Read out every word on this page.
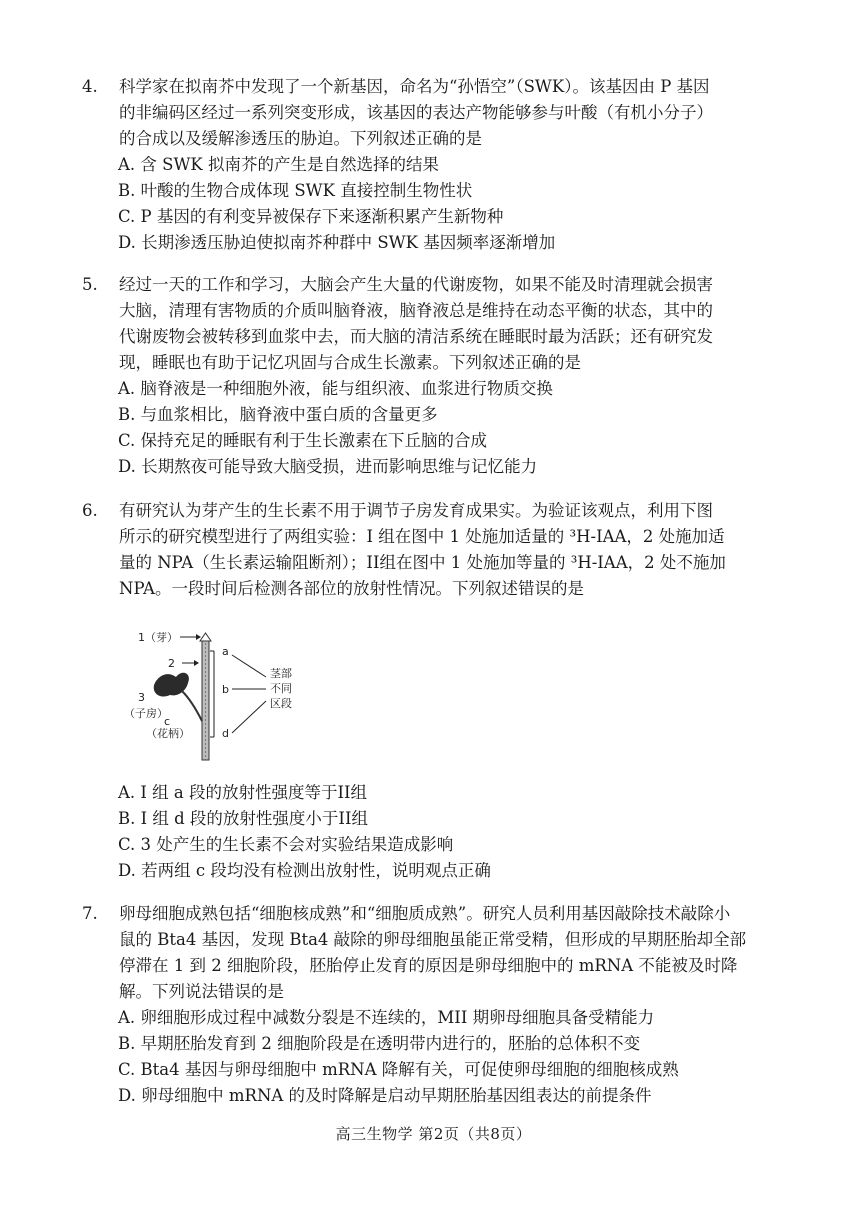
4.	科学家在拟南芥中发现了一个新基因，命名为“孙悟空”（SWK）。该基因由 P 基因

的非编码区经过一系列突变形成，该基因的表达产物能够参与叶酸（有机小分子）

的合成以及缓解渗透压的胁迫。下列叙述正确的是

A. 含 SWK 拟南芥的产生是自然选择的结果
B. 叶酸的生物合成体现 SWK 直接控制生物性状
C. P 基因的有利变异被保存下来逐渐积累产生新物种
D. 长期渗透压胁迫使拟南芥种群中 SWK 基因频率逐渐增加
5.	经过一天的工作和学习，大脑会产生大量的代谢废物，如果不能及时清理就会损害

大脑，清理有害物质的介质叫脑脊液，脑脊液总是维持在动态平衡的状态，其中的

代谢废物会被转移到血浆中去，而大脑的清洁系统在睡眠时最为活跃；还有研究发

现，睡眠也有助于记忆巩固与合成生长激素。下列叙述正确的是

A. 脑脊液是一种细胞外液，能与组织液、血浆进行物质交换
B. 与血浆相比，脑脊液中蛋白质的含量更多
C. 保持充足的睡眠有利于生长激素在下丘脑的合成
D. 长期熬夜可能导致大脑受损，进而影响思维与记忆能力
6.	有研究认为芽产生的生长素不用于调节子房发育成果实。为验证该观点，利用下图

所示的研究模型进行了两组实验：I 组在图中 1 处施加适量的 ³H-IAA，2 处施加适

量的 NPA（生长素运输阻断剂）；II组在图中 1 处施加等量的 ³H-IAA，2 处不施加

NPA。一段时间后检测各部位的放射性情况。下列叙述错误的是

1（芽）
2
3
（子房）
c
（花柄）
a
b
d
茎部
不同
区段
A. I 组 a 段的放射性强度等于II组
B. I 组 d 段的放射性强度小于II组
C. 3 处产生的生长素不会对实验结果造成影响
D. 若两组 c 段均没有检测出放射性，说明观点正确
7.	卵母细胞成熟包括“细胞核成熟”和“细胞质成熟”。研究人员利用基因敲除技术敲除小

鼠的 Bta4 基因，发现 Bta4 敲除的卵母细胞虽能正常受精，但形成的早期胚胎却全部

停滞在 1 到 2 细胞阶段，胚胎停止发育的原因是卵母细胞中的 mRNA 不能被及时降

解。下列说法错误的是

A. 卵细胞形成过程中减数分裂是不连续的，MII 期卵母细胞具备受精能力
B. 早期胚胎发育到 2 细胞阶段是在透明带内进行的，胚胎的总体积不变
C. Bta4 基因与卵母细胞中 mRNA 降解有关，可促使卵母细胞的细胞核成熟
D. 卵母细胞中 mRNA 的及时降解是启动早期胚胎基因组表达的前提条件
高三生物学 第2页（共8页）
